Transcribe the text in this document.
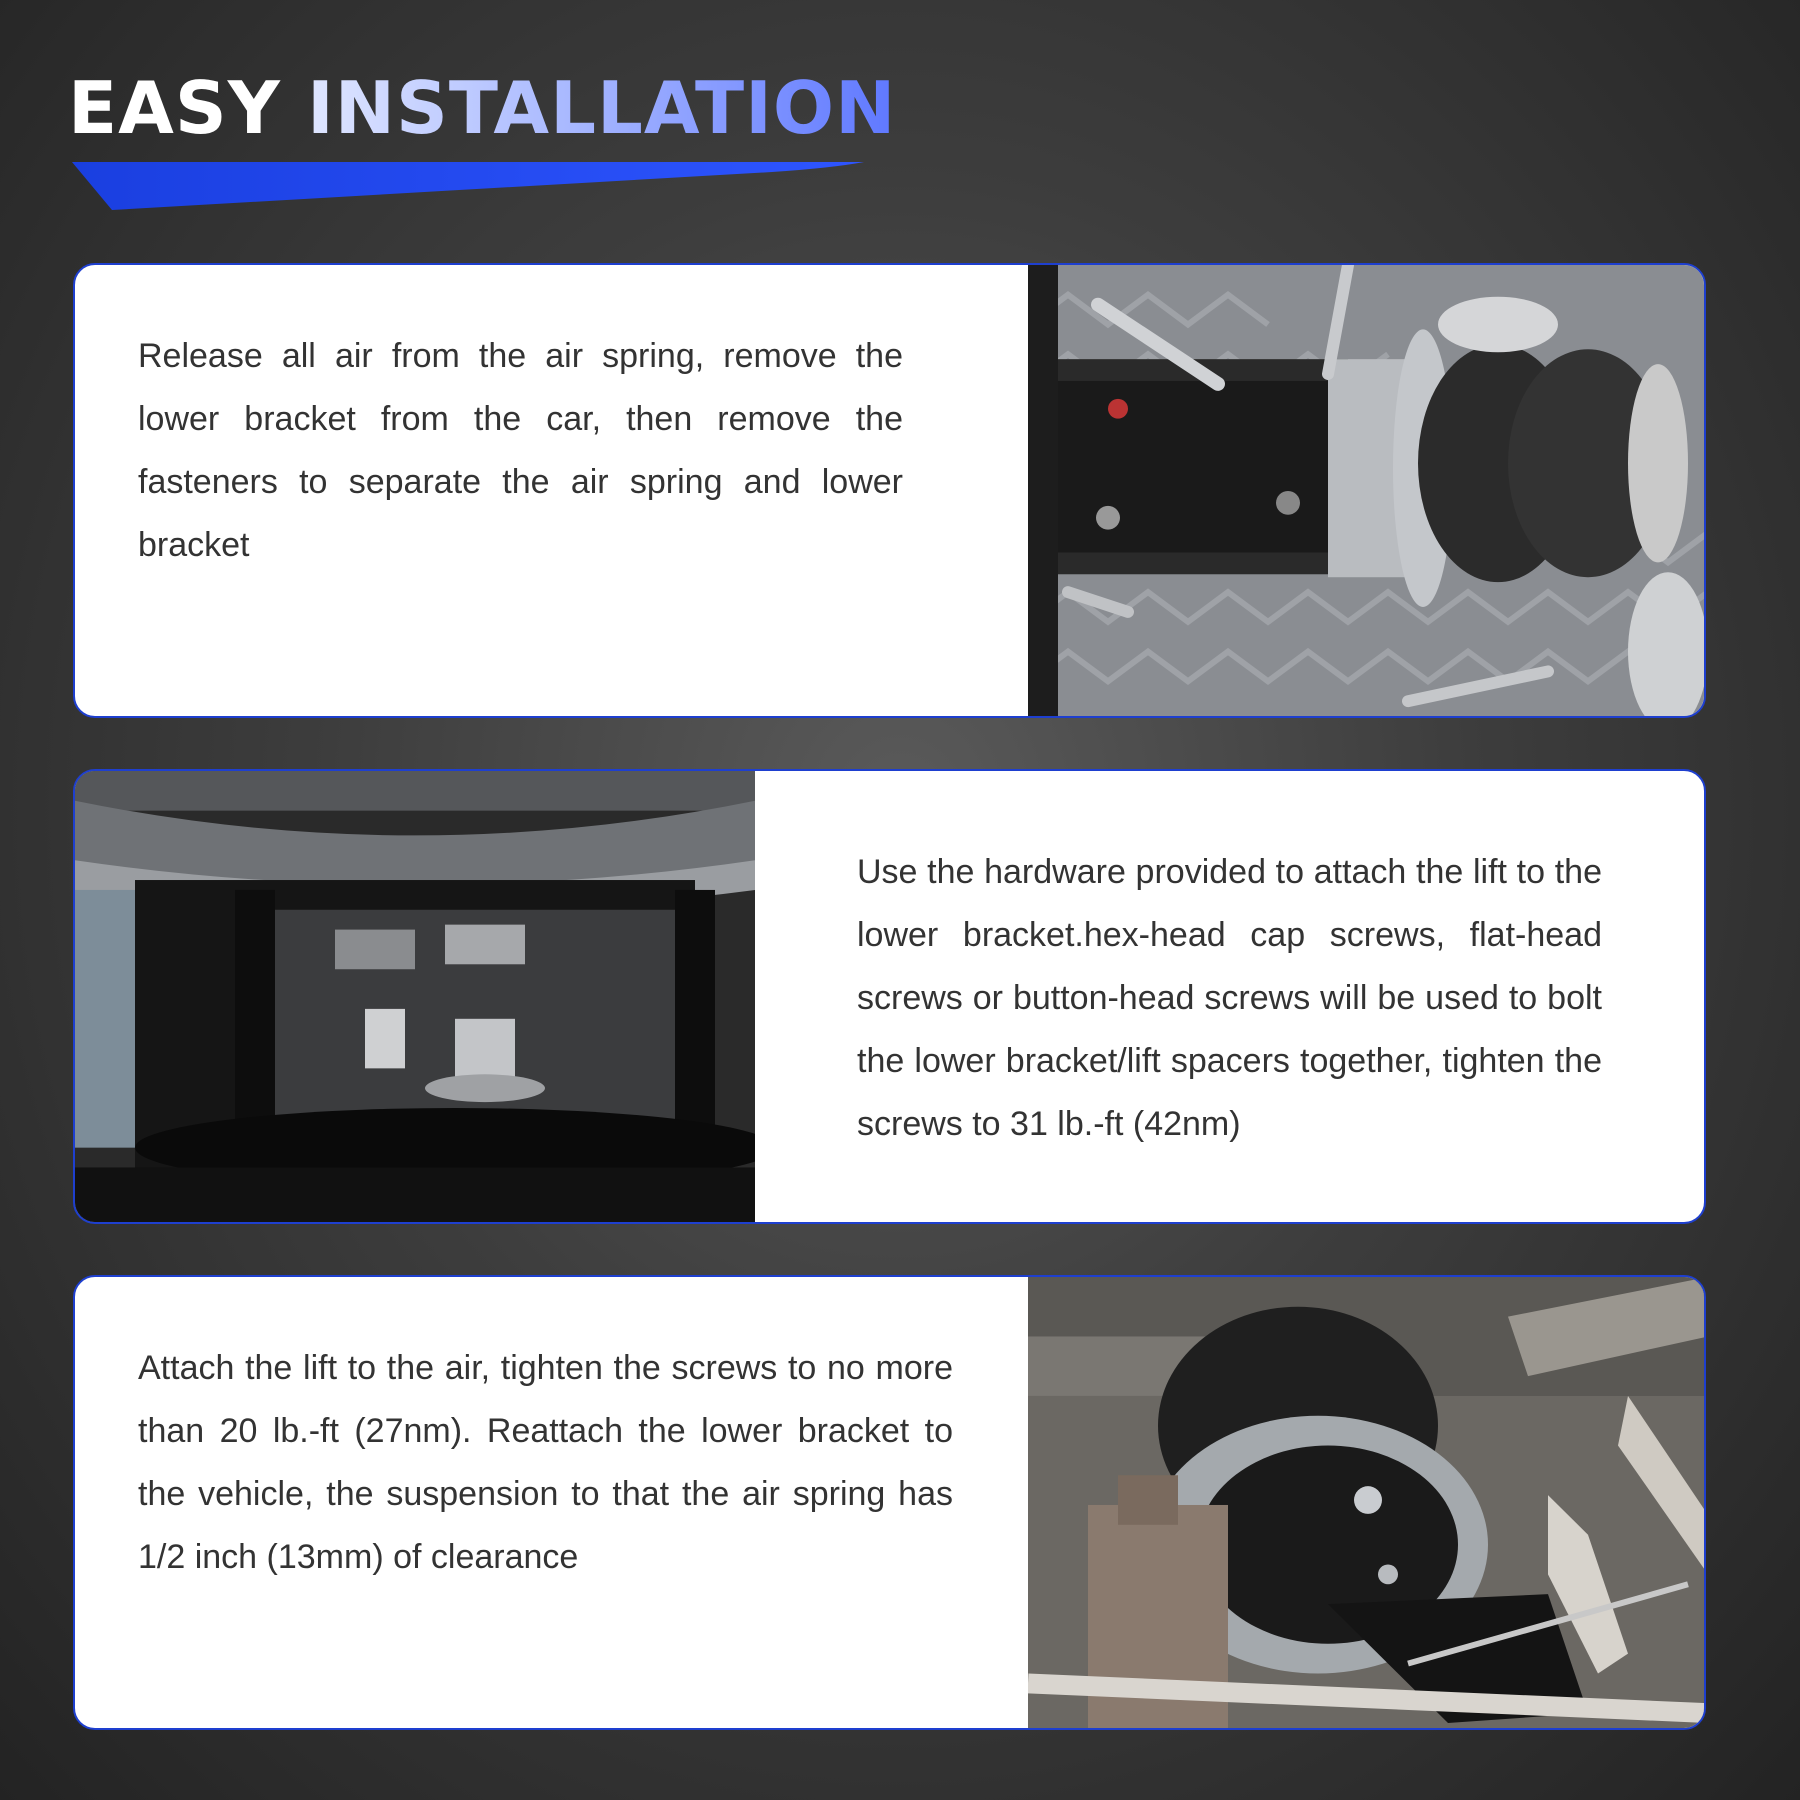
EASY INSTALLATION

Release all air from the air spring, remove the lower bracket from the car, then remove the fasteners to separate the air spring and lower bracket

Use the hardware provided to attach the lift to the lower bracket.hex-head cap screws, flat-head screws or button-head screws will be used to bolt the lower bracket/lift spacers together, tighten the screws to 31 lb.-ft (42nm)

Attach the lift to the air, tighten the screws to no more than 20 lb.-ft (27nm). Reattach the lower bracket to the vehicle, the suspension to that the air spring has 1/2 inch (13mm) of clearance
